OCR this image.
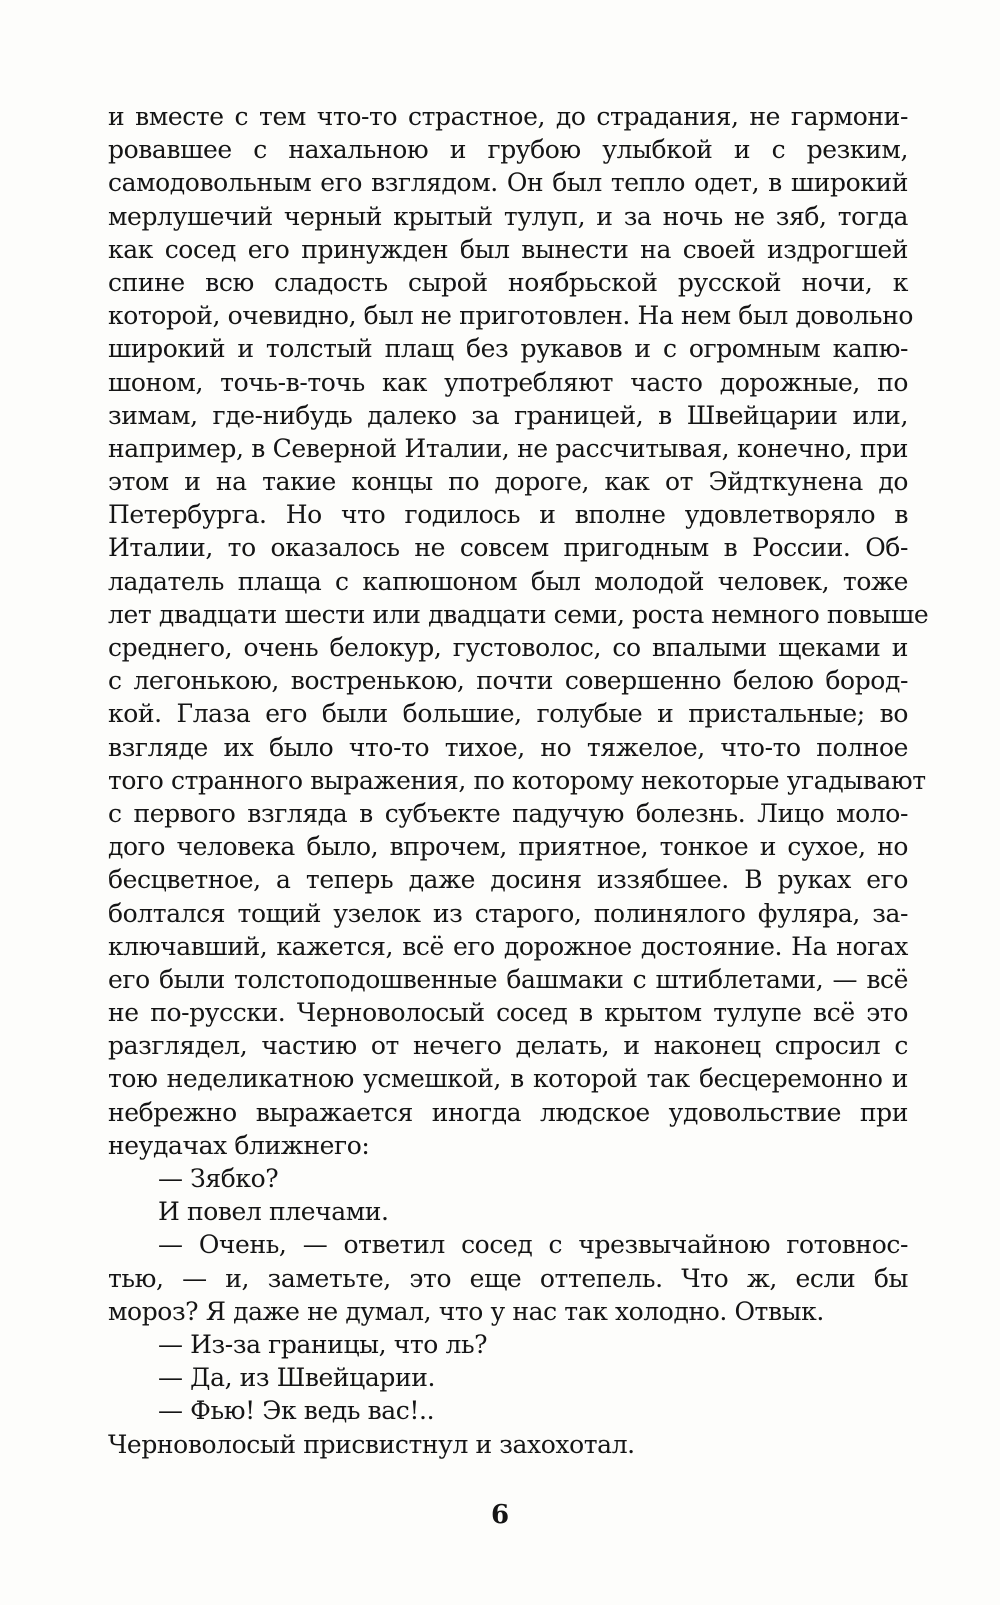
и вместе с тем что-то страстное, до страдания, не гармони-
ровавшее с нахальною и грубою улыбкой и с резким,
самодовольным его взглядом. Он был тепло одет, в широкий
мерлушечий черный крытый тулуп, и за ночь не зяб, тогда
как сосед его принужден был вынести на своей издрогшей
спине всю сладость сырой ноябрьской русской ночи, к
которой, очевидно, был не приготовлен. На нем был довольно
широкий и толстый плащ без рукавов и с огромным капю-
шоном, точь-в-точь как употребляют часто дорожные, по
зимам, где-нибудь далеко за границей, в Швейцарии или,
например, в Северной Италии, не рассчитывая, конечно, при
этом и на такие концы по дороге, как от Эйдткунена до
Петербурга. Но что годилось и вполне удовлетворяло в
Италии, то оказалось не совсем пригодным в России. Об-
ладатель плаща с капюшоном был молодой человек, тоже
лет двадцати шести или двадцати семи, роста немного повыше
среднего, очень белокур, густоволос, со впалыми щеками и
с легонькою, востренькою, почти совершенно белою бород-
кой. Глаза его были большие, голубые и пристальные; во
взгляде их было что-то тихое, но тяжелое, что-то полное
того странного выражения, по которому некоторые угадывают
с первого взгляда в субъекте падучую болезнь. Лицо моло-
дого человека было, впрочем, приятное, тонкое и сухое, но
бесцветное, а теперь даже досиня иззябшее. В руках его
болтался тощий узелок из старого, полинялого фуляра, за-
ключавший, кажется, всё его дорожное достояние. На ногах
его были толстоподошвенные башмаки с штиблетами, — всё
не по-русски. Черноволосый сосед в крытом тулупе всё это
разглядел, частию от нечего делать, и наконец спросил с
тою неделикатною усмешкой, в которой так бесцеремонно и
небрежно выражается иногда людское удовольствие при
неудачах ближнего:
— Зябко?
И повел плечами.
— Очень, — ответил сосед с чрезвычайною готовнос-
тью, — и, заметьте, это еще оттепель. Что ж, если бы
мороз? Я даже не думал, что у нас так холодно. Отвык.
— Из-за границы, что ль?
— Да, из Швейцарии.
— Фью! Эк ведь вас!..
Черноволосый присвистнул и захохотал.
6
